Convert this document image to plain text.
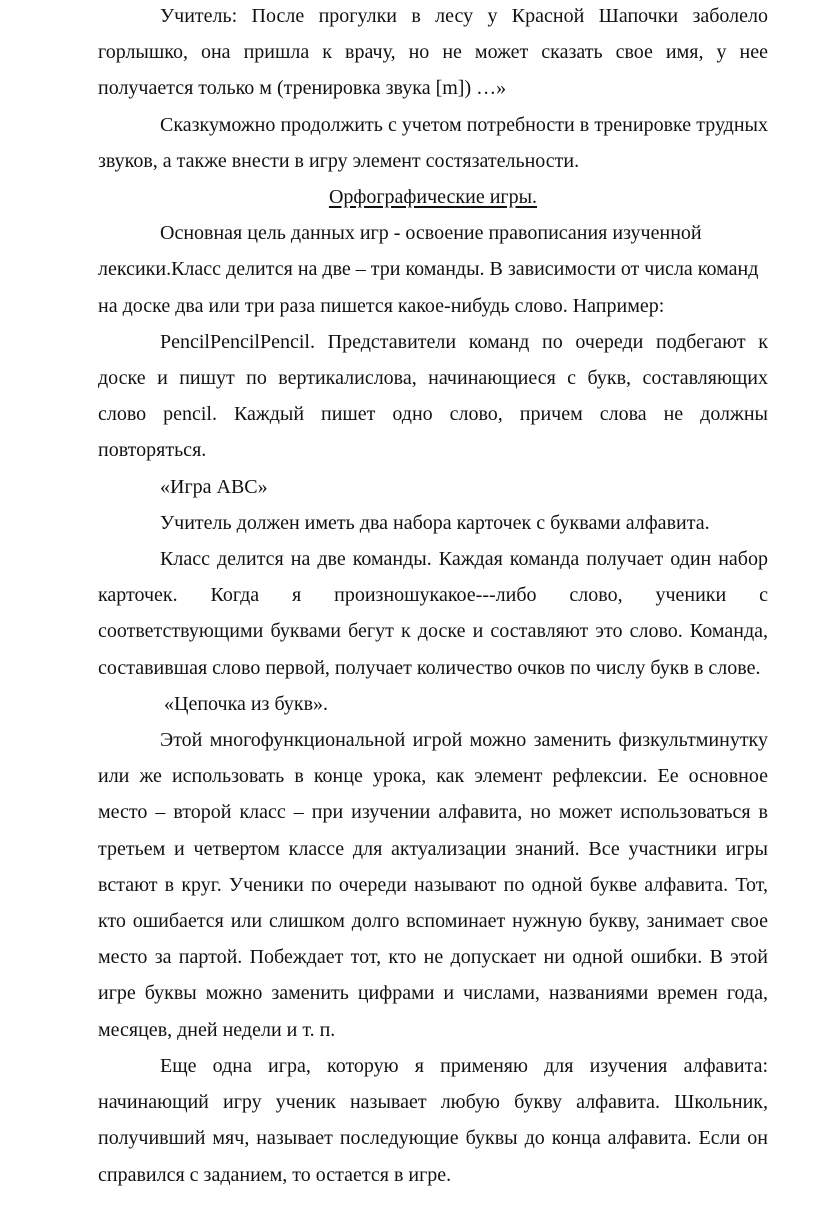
Учитель: После прогулки в лесу у Красной Шапочки заболело горлышко, она пришла к врачу, но не может сказать свое имя, у нее получается только м (тренировка звука [m]) …»

Сказкуможно продолжить с учетом потребности в тренировке трудных звуков, а также внести в игру элемент состязательности.

Орфографические игры.

Основная цель данных игр - освоение правописания изученной лексики.Класс делится на две – три команды. В зависимости от числа команд на доске два или три раза пишется какое-нибудь слово. Например:

PencilPencilPencil. Представители команд по очереди подбегают к доске и пишут по вертикалислова, начинающиеся с букв, составляющих слово pencil. Каждый пишет одно слово, причем слова не должны повторяться.

«Игра АВС»

Учитель должен иметь два набора карточек с буквами алфавита.

Класс делится на две команды. Каждая команда получает один набор карточек. Когда я произношукакое---либо слово, ученики с соответствующими буквами бегут к доске и составляют это слово. Команда, составившая слово первой, получает количество очков по числу букв в слове.

«Цепочка из букв».

Этой многофункциональной игрой можно заменить физкультминутку или же использовать в конце урока, как элемент рефлексии. Ее основное место – второй класс – при изучении алфавита, но может использоваться в третьем и четвертом классе для актуализации знаний. Все участники игры встают в круг. Ученики по очереди называют по одной букве алфавита. Тот, кто ошибается или слишком долго вспоминает нужную букву, занимает свое место за партой. Побеждает тот, кто не допускает ни одной ошибки. В этой игре буквы можно заменить цифрами и числами, названиями времен года, месяцев, дней недели и т. п.

Еще одна игра, которую я применяю для изучения алфавита: начинающий игру ученик называет любую букву алфавита. Школьник, получивший мяч, называет последующие буквы до конца алфавита. Если он справился с заданием, то остается в игре.
